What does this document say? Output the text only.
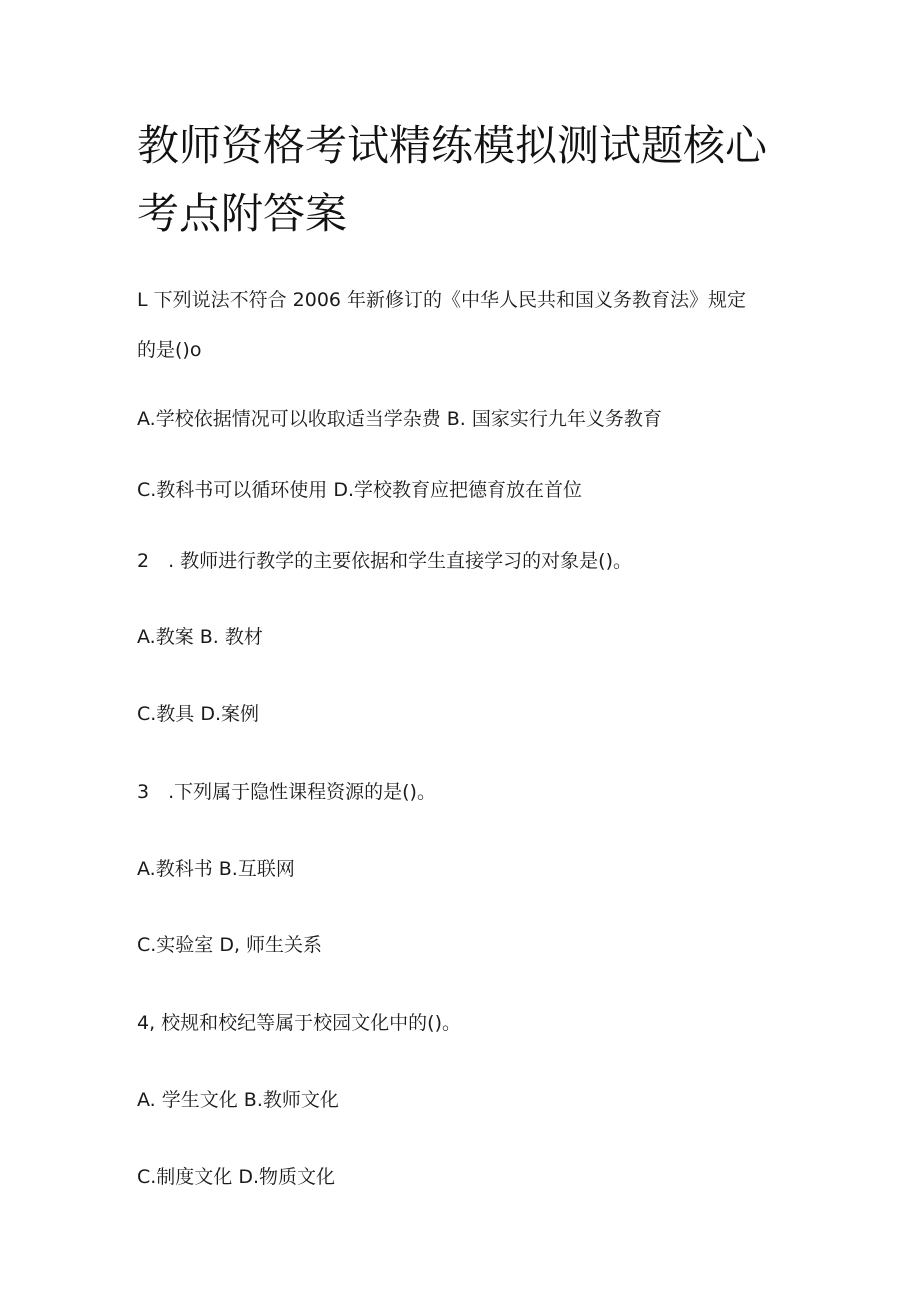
教师资格考试精练模拟测试题核心考点附答案

L 下列说法不符合 2006 年新修订的《中华人民共和国义务教育法》规定

的是()o

A.学校依据情况可以收取适当学杂费 B. 国家实行九年义务教育

C.教科书可以循环使用 D.学校教育应把德育放在首位

2　. 教师进行教学的主要依据和学生直接学习的对象是()。

A.教案 B. 教材

C.教具 D.案例

3　.下列属于隐性课程资源的是()。

A.教科书 B.互联网

C.实验室 D, 师生关系

4, 校规和校纪等属于校园文化中的()。

A. 学生文化 B.教师文化

C.制度文化 D.物质文化
